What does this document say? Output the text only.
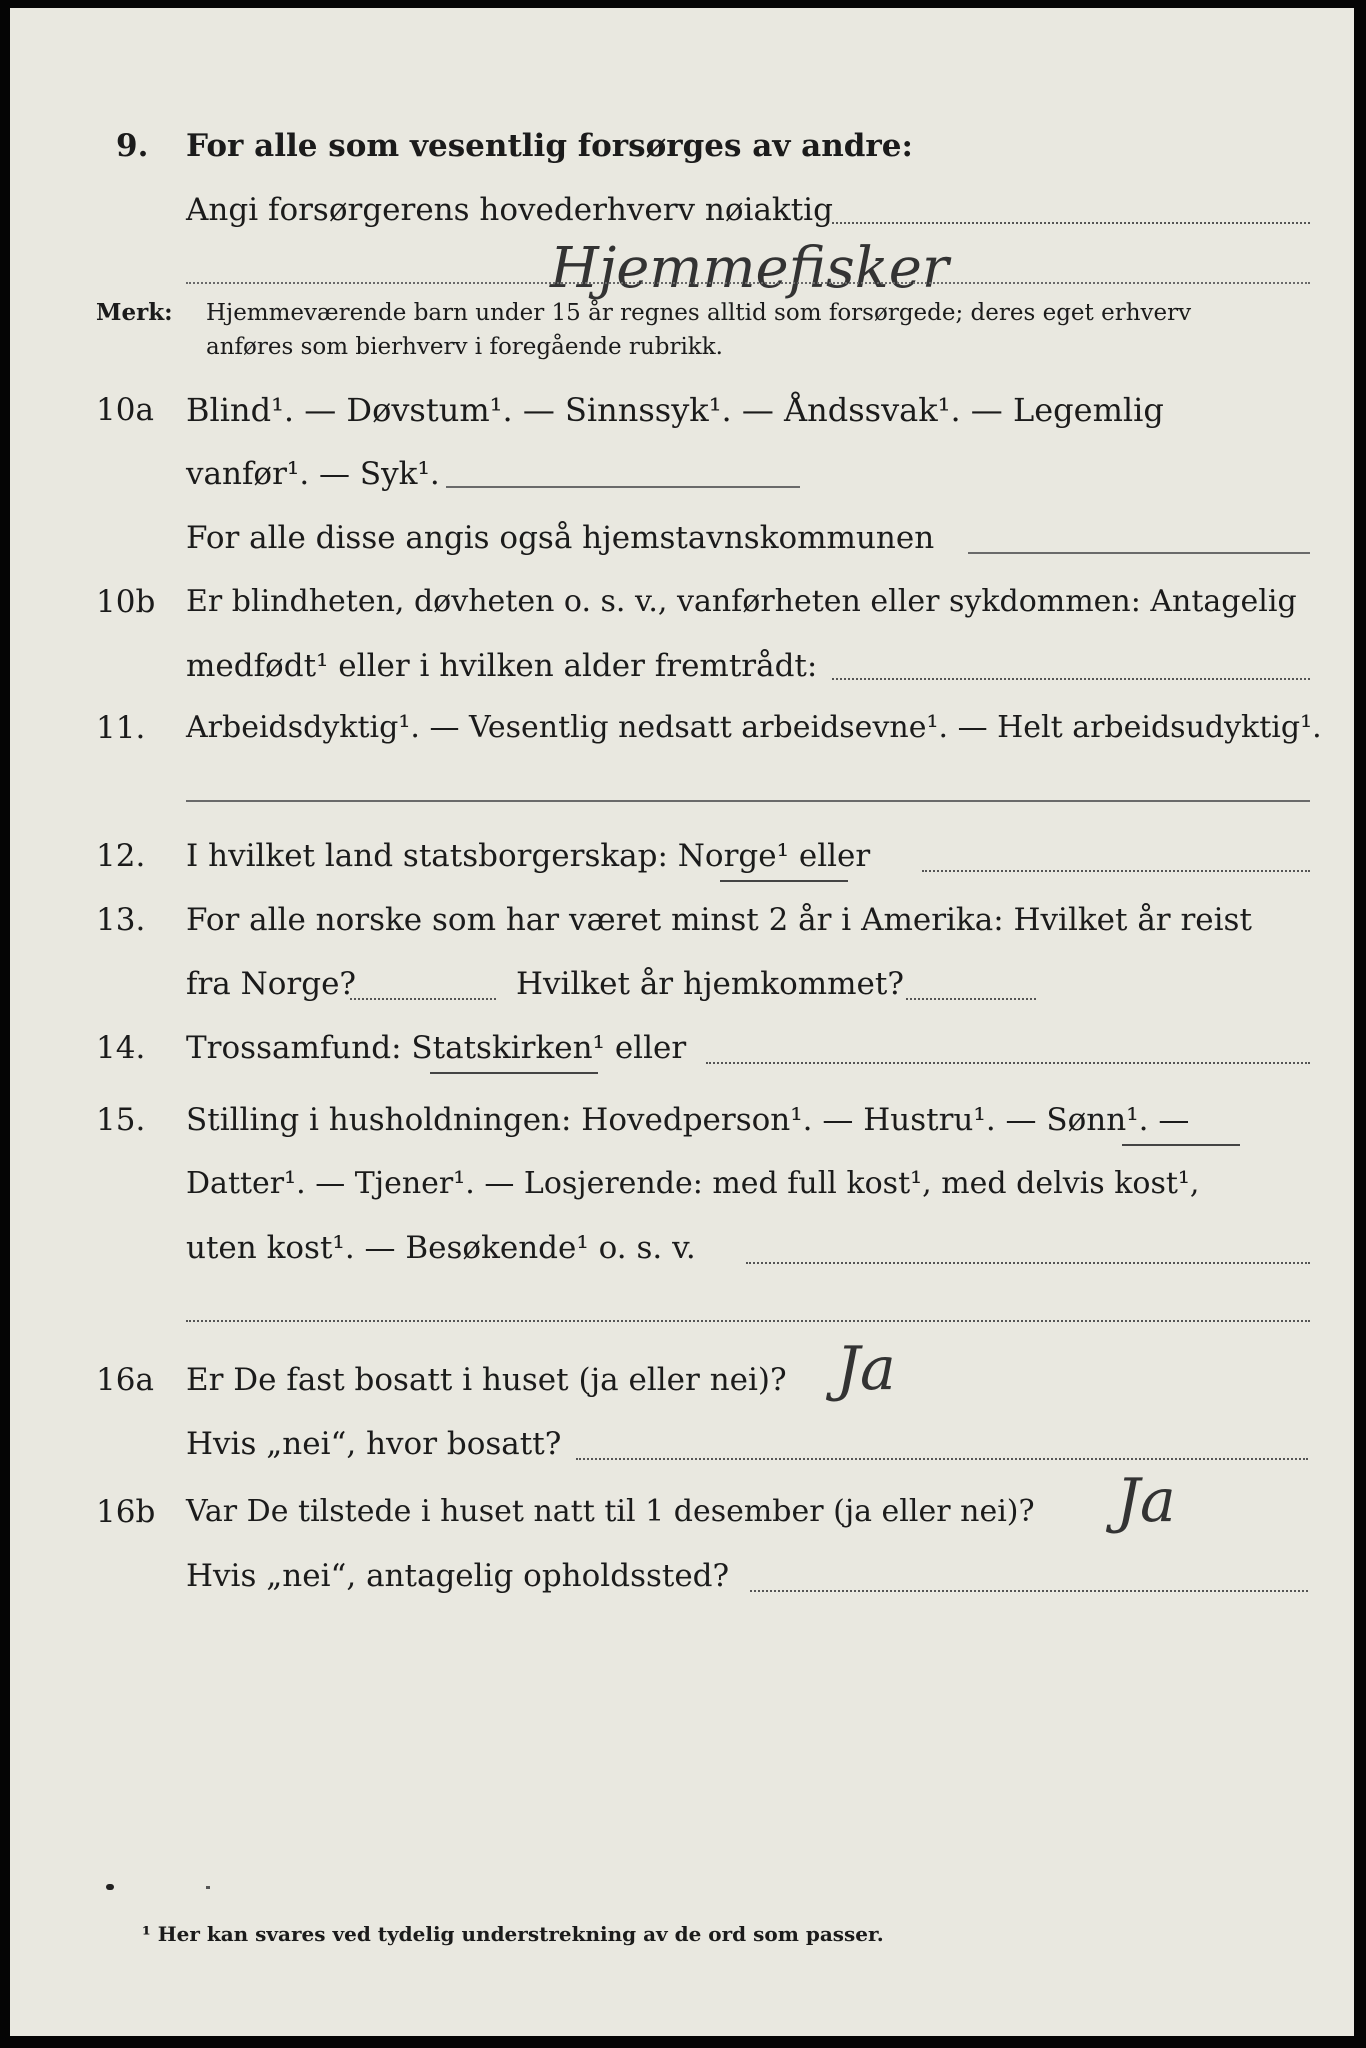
9. For alle som vesentlig forsørges av andre:
Angi forsørgerens hovederhverv nøiaktig
Hjemmefisker
Merk: Hjemmeværende barn under 15 år regnes alltid som forsørgede; deres eget erhverv
anføres som bierhverv i foregående rubrikk.
10a Blind¹. — Døvstum¹. — Sinnssyk¹. — Åndssvak¹. — Legemlig
vanfør¹. — Syk¹.
For alle disse angis også hjemstavnskommunen
10b Er blindheten, døvheten o. s. v., vanførheten eller sykdommen: Antagelig
medfødt¹ eller i hvilken alder fremtrådt:
11. Arbeidsdyktig¹. — Vesentlig nedsatt arbeidsevne¹. — Helt arbeidsudyktig¹.
12. I hvilket land statsborgerskap: Norge¹ eller
13. For alle norske som har været minst 2 år i Amerika: Hvilket år reist
fra Norge?	Hvilket år hjemkommet?
14. Trossamfund: Statskirken¹ eller
15. Stilling i husholdningen: Hovedperson¹. — Hustru¹. — Sønn¹. —
Datter¹. — Tjener¹. — Losjerende: med full kost¹, med delvis kost¹,
uten kost¹. — Besøkende¹ o. s. v.
16a Er De fast bosatt i huset (ja eller nei)? Ja
Hvis „nei“, hvor bosatt?
16b Var De tilstede i huset natt til 1 desember (ja eller nei)? Ja
Hvis „nei“, antagelig opholdssted?
¹ Her kan svares ved tydelig understrekning av de ord som passer.
